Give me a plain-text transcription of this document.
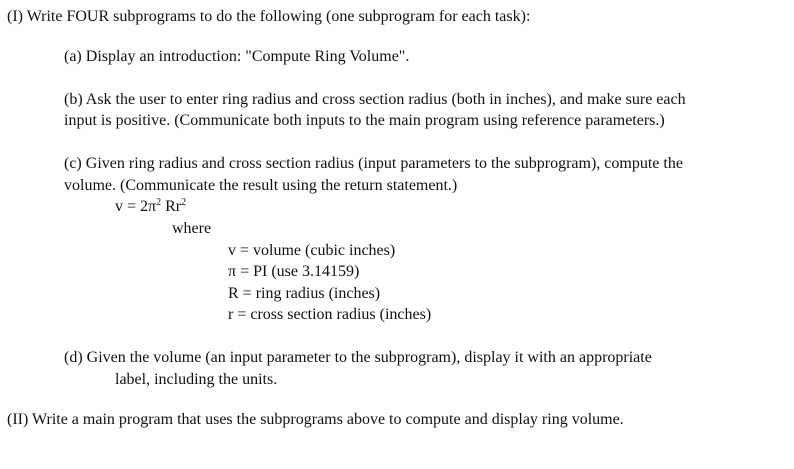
(I) Write FOUR subprograms to do the following (one subprogram for each task):
(a) Display an introduction: "Compute Ring Volume".
(b) Ask the user to enter ring radius and cross section radius (both in inches), and make sure each
input is positive. (Communicate both inputs to the main program using reference parameters.)
(c) Given ring radius and cross section radius (input parameters to the subprogram), compute the
volume. (Communicate the result using the return statement.)
$v = 2\pi^2$ Rr$^2$
where
v = volume (cubic inches)
π = PI (use 3.14159)
R = ring radius (inches)
r = cross section radius (inches)
(d) Given the volume (an input parameter to the subprogram), display it with an appropriate
label, including the units.
(II) Write a main program that uses the subprograms above to compute and display ring volume.
